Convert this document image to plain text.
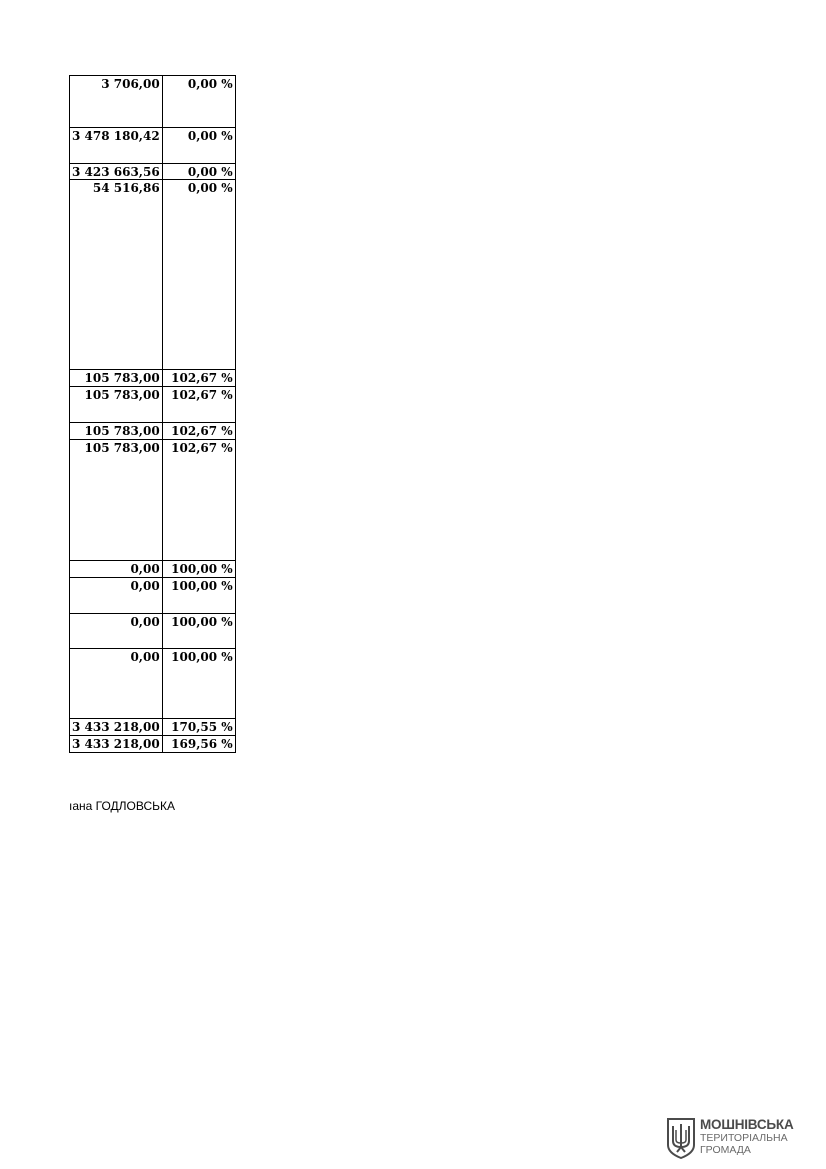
3 706,00	0,00 %
3 478 180,42	0,00 %
3 423 663,56	0,00 %
54 516,86	0,00 %
105 783,00	102,67 %
105 783,00	102,67 %
105 783,00	102,67 %
105 783,00	102,67 %
0,00	100,00 %
0,00	100,00 %
0,00	100,00 %
0,00	100,00 %
3 433 218,00	170,55 %
3 433 218,00	169,56 %
ıана ГОДЛОВСЬКА
МОШНІВСЬКА
ТЕРИТОРІАЛЬНА
ГРОМАДА
